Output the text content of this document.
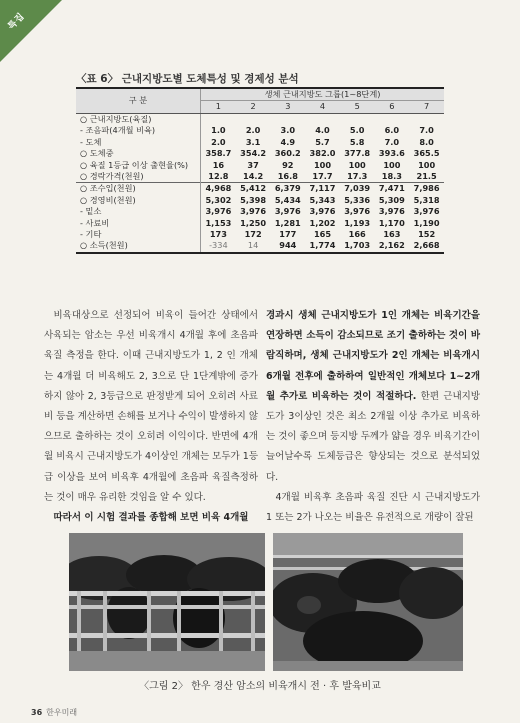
특집
〈표 6〉 근내지방도별 도체특성 및 경제성 분석
구 분	생체 근내지방도 그룹(1~8단계)						
	1	2	3	4	5	6	7
○ 근내지방도(육질)							
- 조음파(4개월 비육)	1.0	2.0	3.0	4.0	5.0	6.0	7.0
- 도체	2.0	3.1	4.9	5.7	5.8	7.0	8.0
○ 도체중	358.7	354.2	360.2	382.0	377.8	393.6	365.5
○ 육질 1등급 이상 출현율(%)	16	37	92	100	100	100	100
○ 경락가격(천원)	12.8	14.2	16.8	17.7	17.3	18.3	21.5
○ 조수입(천원)	4,968	5,412	6,379	7,117	7,039	7,471	7,986
○ 경영비(천원)	5,302	5,398	5,434	5,343	5,336	5,309	5,318
- 밑소	3,976	3,976	3,976	3,976	3,976	3,976	3,976
- 사료비	1,153	1,250	1,281	1,202	1,193	1,170	1,190
- 기타	173	172	177	165	166	163	152
○ 소득(천원)	-334	14	944	1,774	1,703	2,162	2,668

비육대상으로 선정되어 비육이 들어간 상태에서 사육되는 암소는 우선 비육개시 4개월 후에 초음파 육질 측정을 한다. 이때 근내지방도가 1, 2 인 개체는 4개월 더 비육해도 2, 3으로 단 1단계밖에 증가하지 않아 2, 3등급으로 판정받게 되어 오히려 사료비 등을 계산하면 손해를 보거나 수익이 발생하지 않으므로 출하하는 것이 오히려 이익이다. 반면에 4개월 비육시 근내지방도가 4이상인 개체는 모두가 1등급 이상을 보여 비육후 4개월에 초음파 육질측정하는 것이 매우 유리한 것임을 알 수 있다.

따라서 이 시험 결과를 종합해 보면 비육 4개월

경과시 생체 근내지방도가 1인 개체는 비육기간을 연장하면 소득이 감소되므로 조기 출하하는 것이 바람직하며, 생체 근내지방도가 2인 개체는 비육개시 6개월 전후에 출하하여 일반적인 개체보다 1~2개월 추가로 비육하는 것이 적절하다. 한편 근내지방도가 3이상인 것은 최소 2개월 이상 추가로 비육하는 것이 좋으며 등지방 두께가 얇을 경우 비육기간이 늘어날수록 도체등급은 향상되는 것으로 분석되었다.

4개월 비육후 초음파 육질 진단 시 근내지방도가 1 또는 2가 나오는 비율은 유전적으로 개량이 잘된

〈그림 2〉 한우 경산 암소의 비육개시 전 · 후 발육비교
36 한우미래
